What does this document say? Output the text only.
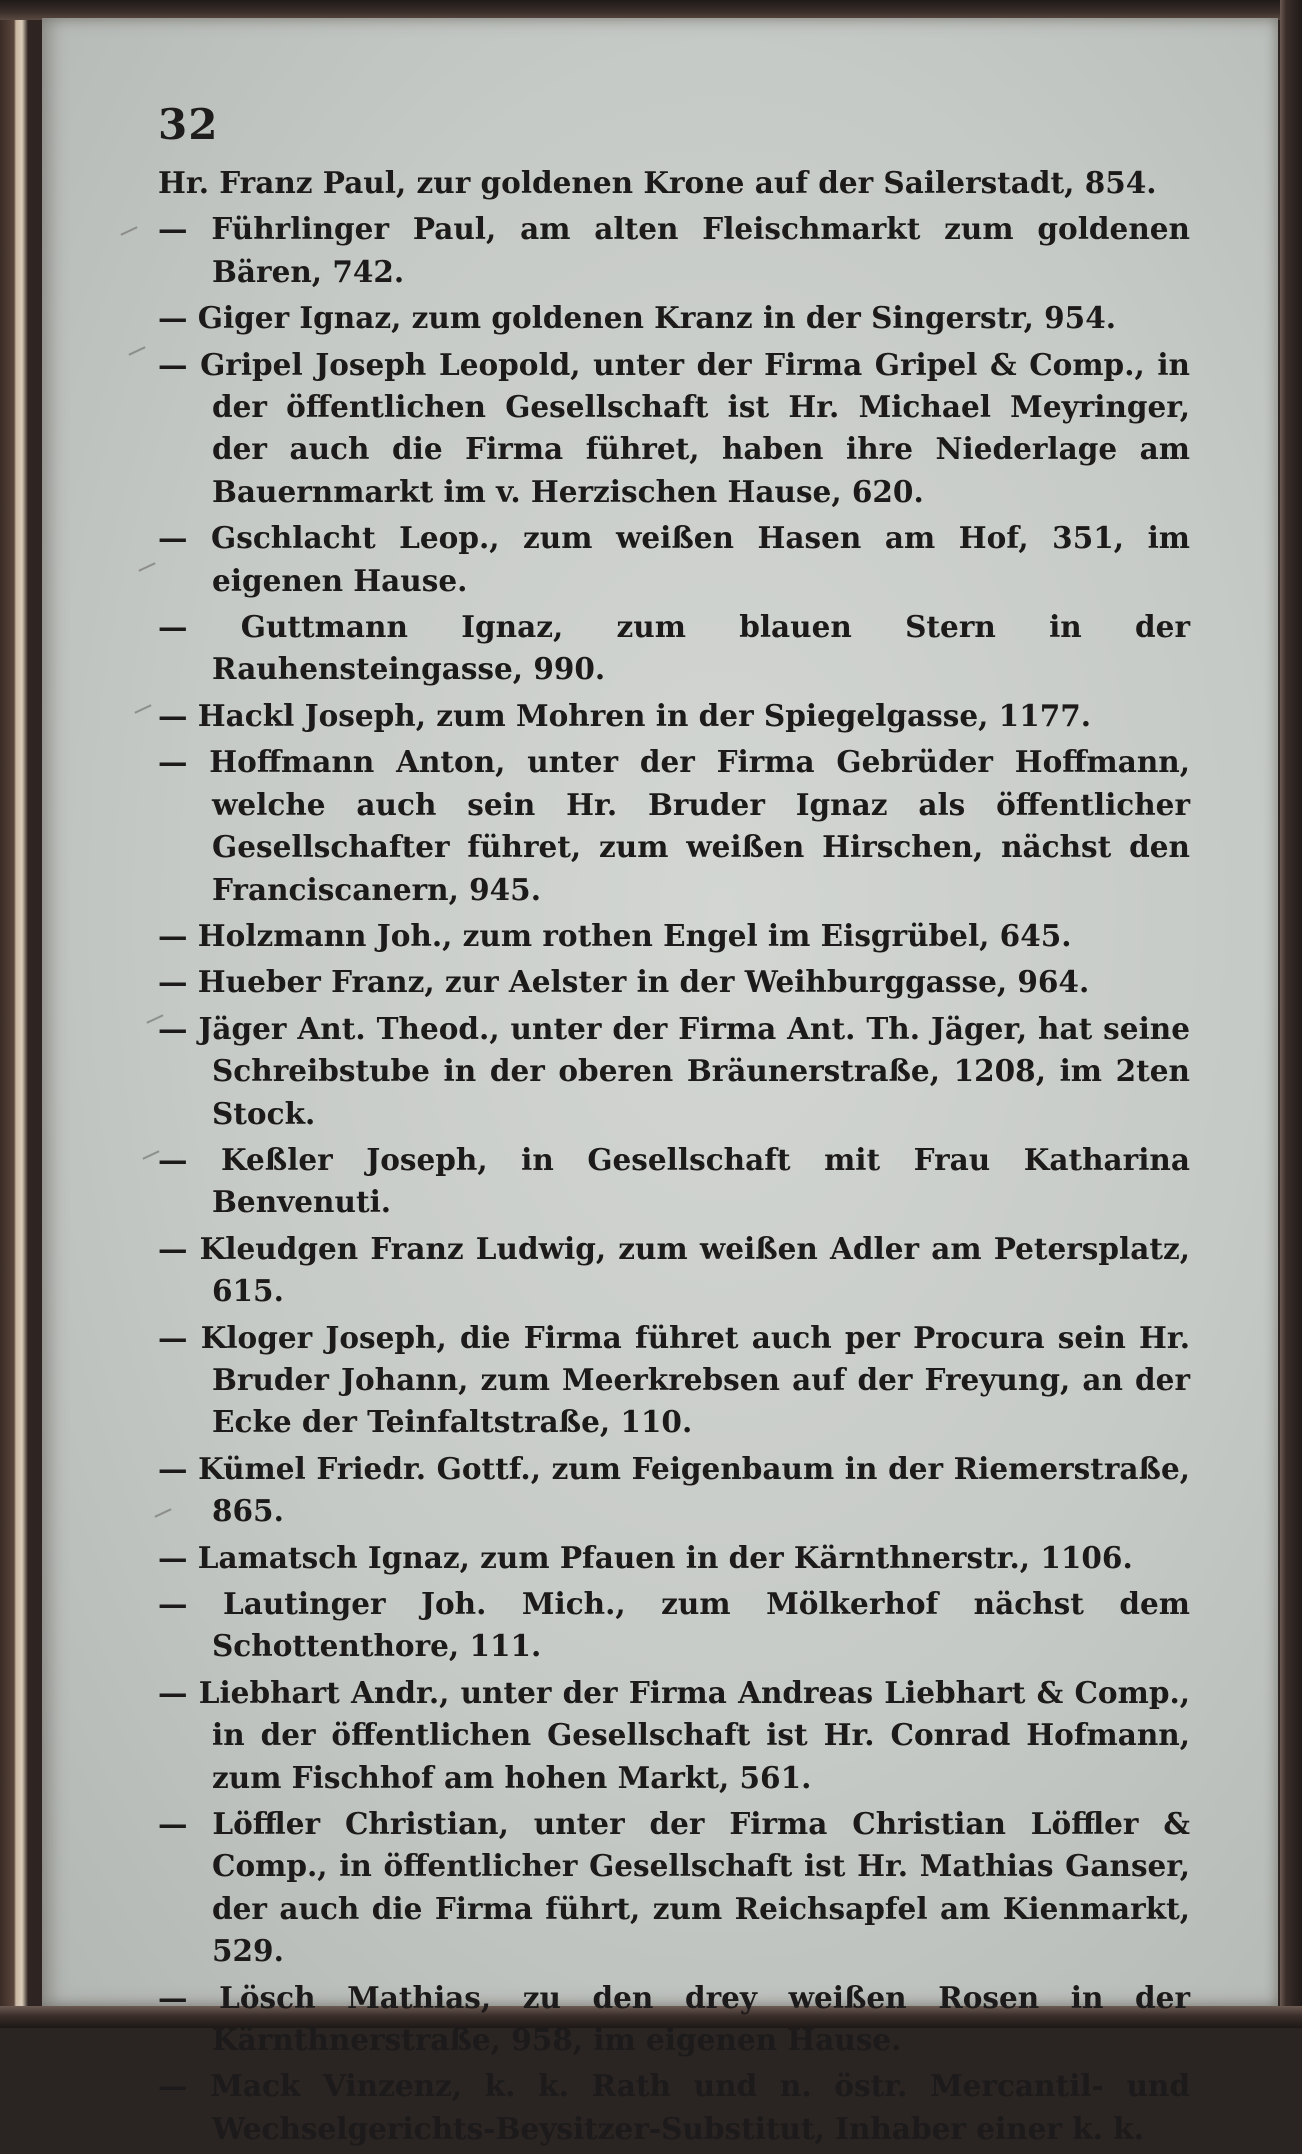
32

Hr. Franz Paul, zur goldenen Krone auf der Sailerstadt, 854.

— Führlinger Paul, am alten Fleischmarkt zum goldenen Bären, 742.

— Giger Ignaz, zum goldenen Kranz in der Singerstr, 954.

— Gripel Joseph Leopold, unter der Firma Gripel & Comp., in der öffentlichen Gesellschaft ist Hr. Michael Meyringer, der auch die Firma führet, haben ihre Niederlage am Bauernmarkt im v. Herzischen Hause, 620.

— Gschlacht Leop., zum weißen Hasen am Hof, 351, im eigenen Hause.

— Guttmann Ignaz, zum blauen Stern in der Rauhensteingasse, 990.

— Hackl Joseph, zum Mohren in der Spiegelgasse, 1177.

— Hoffmann Anton, unter der Firma Gebrüder Hoffmann, welche auch sein Hr. Bruder Ignaz als öffentlicher Gesellschafter führet, zum weißen Hirschen, nächst den Franciscanern, 945.

— Holzmann Joh., zum rothen Engel im Eisgrübel, 645.

— Hueber Franz, zur Aelster in der Weihburggasse, 964.

— Jäger Ant. Theod., unter der Firma Ant. Th. Jäger, hat seine Schreibstube in der oberen Bräunerstraße, 1208, im 2ten Stock.

— Keßler Joseph, in Gesellschaft mit Frau Katharina Benvenuti.

— Kleudgen Franz Ludwig, zum weißen Adler am Petersplatz, 615.

— Kloger Joseph, die Firma führet auch per Procura sein Hr. Bruder Johann, zum Meerkrebsen auf der Freyung, an der Ecke der Teinfaltstraße, 110.

— Kümel Friedr. Gottf., zum Feigenbaum in der Riemerstraße, 865.

— Lamatsch Ignaz, zum Pfauen in der Kärnthnerstr., 1106.

— Lautinger Joh. Mich., zum Mölkerhof nächst dem Schottenthore, 111.

— Liebhart Andr., unter der Firma Andreas Liebhart & Comp., in der öffentlichen Gesellschaft ist Hr. Conrad Hofmann, zum Fischhof am hohen Markt, 561.

— Löffler Christian, unter der Firma Christian Löffler & Comp., in öffentlicher Gesellschaft ist Hr. Mathias Ganser, der auch die Firma führt, zum Reichsapfel am Kienmarkt, 529.

— Lösch Mathias, zu den drey weißen Rosen in der Kärnthnerstraße, 958, im eigenen Hause.

— Mack Vinzenz, k. k. Rath und n. östr. Mercantil- und Wechselgerichts-Beysitzer-Substitut, Inhaber einer k. k.
